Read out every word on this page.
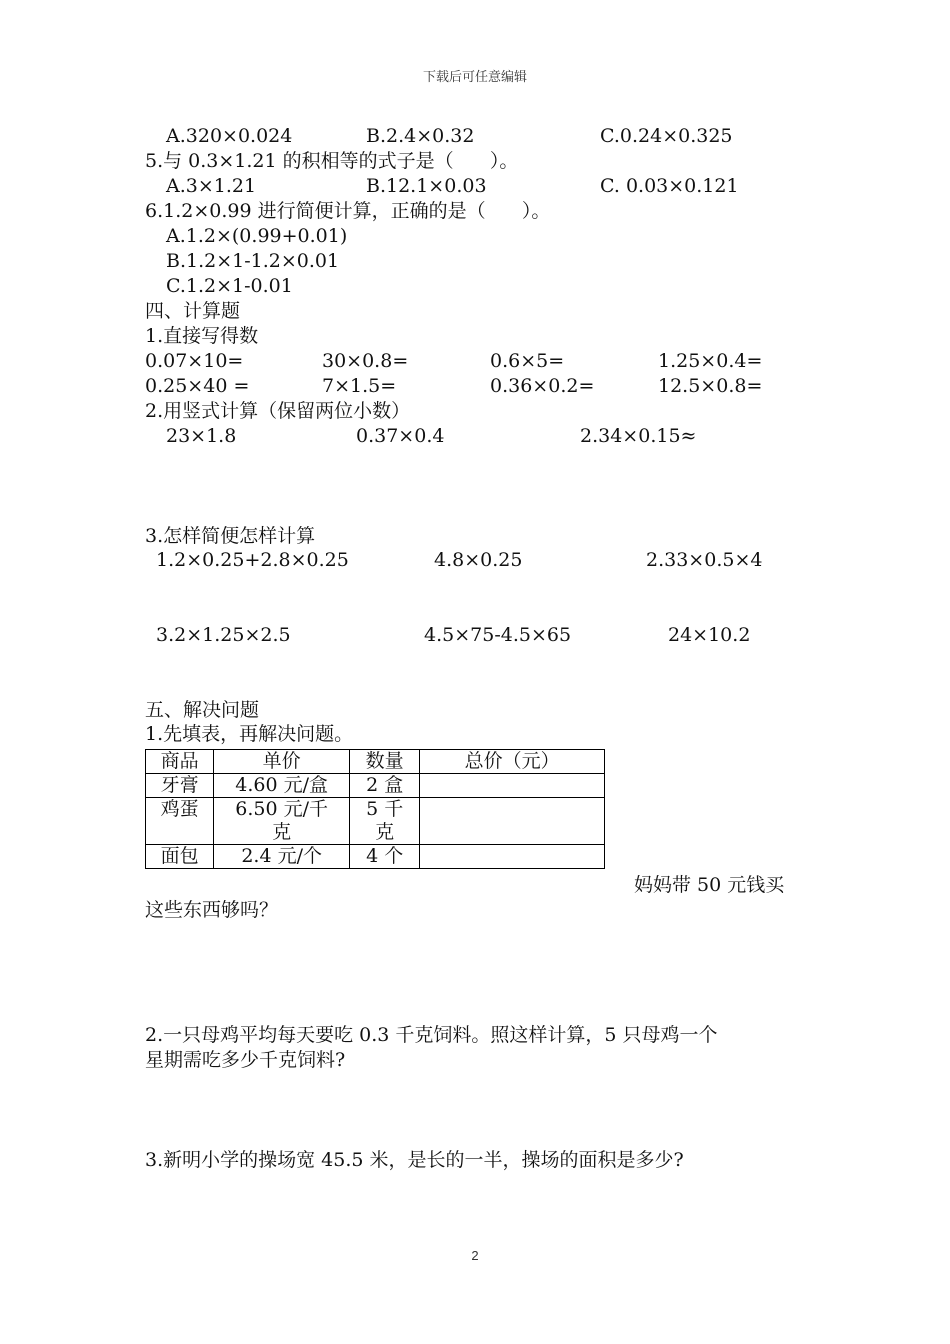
下载后可任意编辑
A.320×0.024	B.2.4×0.32	C.0.24×0.325
5.与 0.3×1.21 的积相等的式子是（      ）。
A.3×1.21	B.12.1×0.03	C. 0.03×0.121
6.1.2×0.99 进行简便计算，正确的是（      ）。
A.1.2×(0.99+0.01)
B.1.2×1-1.2×0.01
C.1.2×1-0.01
四、计算题
1.直接写得数
0.07×10=	30×0.8=	0.6×5=	1.25×0.4=
0.25×40 =	7×1.5=	0.36×0.2=	12.5×0.8=
2.用竖式计算（保留两位小数）
23×1.8	0.37×0.4	2.34×0.15≈
3.怎样简便怎样计算
1.2×0.25+2.8×0.25	4.8×0.25	2.33×0.5×4
3.2×1.25×2.5	4.5×75-4.5×65	24×10.2
五、解决问题
1.先填表，再解决问题。
商品	单价	数量	总价（元）
牙膏	4.60 元/盒	2 盒	
鸡蛋	6.50 元/千克	5 千克	
面包	2.4 元/个	4 个	
妈妈带 50 元钱买
这些东西够吗？
2.一只母鸡平均每天要吃 0.3 千克饲料。照这样计算，5 只母鸡一个
星期需吃多少千克饲料?
3.新明小学的操场宽 45.5 米，是长的一半，操场的面积是多少?
2
